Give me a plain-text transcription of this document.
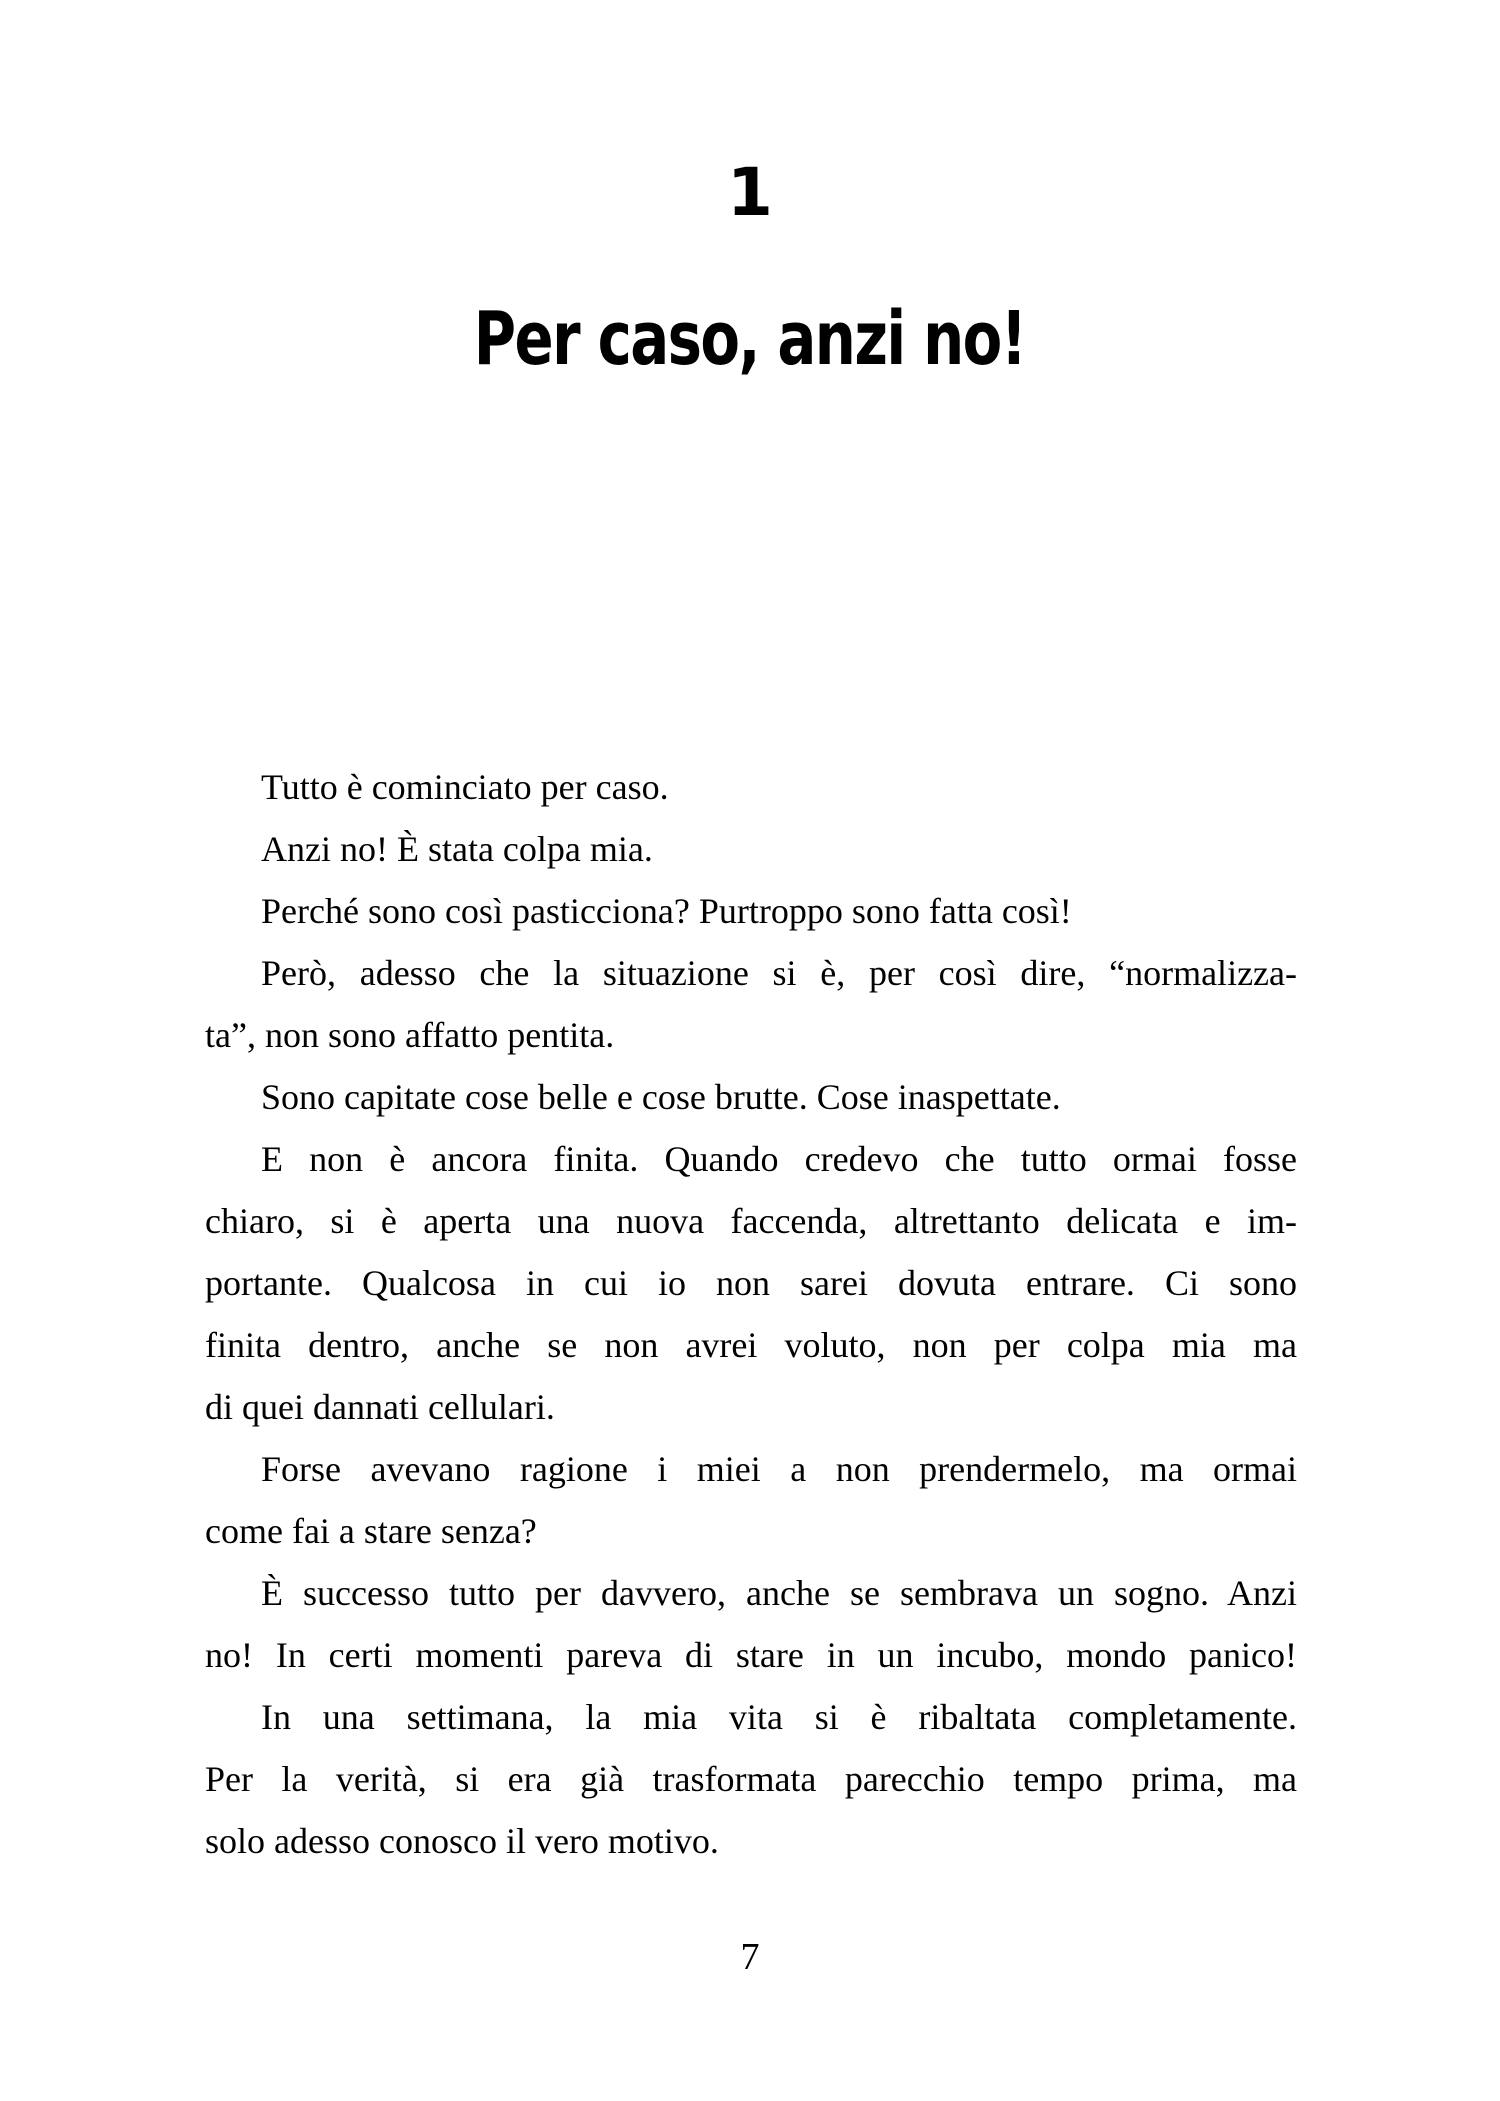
1
Per caso, anzi no!
Tutto è cominciato per caso.
Anzi no! È stata colpa mia.
Perché sono così pasticciona? Purtroppo sono fatta così!
Però, adesso che la situazione si è, per così dire, “normalizza-
ta”, non sono affatto pentita.
Sono capitate cose belle e cose brutte. Cose inaspettate.
E non è ancora finita. Quando credevo che tutto ormai fosse
chiaro, si è aperta una nuova faccenda, altrettanto delicata e im-
portante. Qualcosa in cui io non sarei dovuta entrare. Ci sono
finita dentro, anche se non avrei voluto, non per colpa mia ma
di quei dannati cellulari.
Forse avevano ragione i miei a non prendermelo, ma ormai
come fai a stare senza?
È successo tutto per davvero, anche se sembrava un sogno. Anzi
no! In certi momenti pareva di stare in un incubo, mondo panico!
In una settimana, la mia vita si è ribaltata completamente.
Per la verità, si era già trasformata parecchio tempo prima, ma
solo adesso conosco il vero motivo.
7
